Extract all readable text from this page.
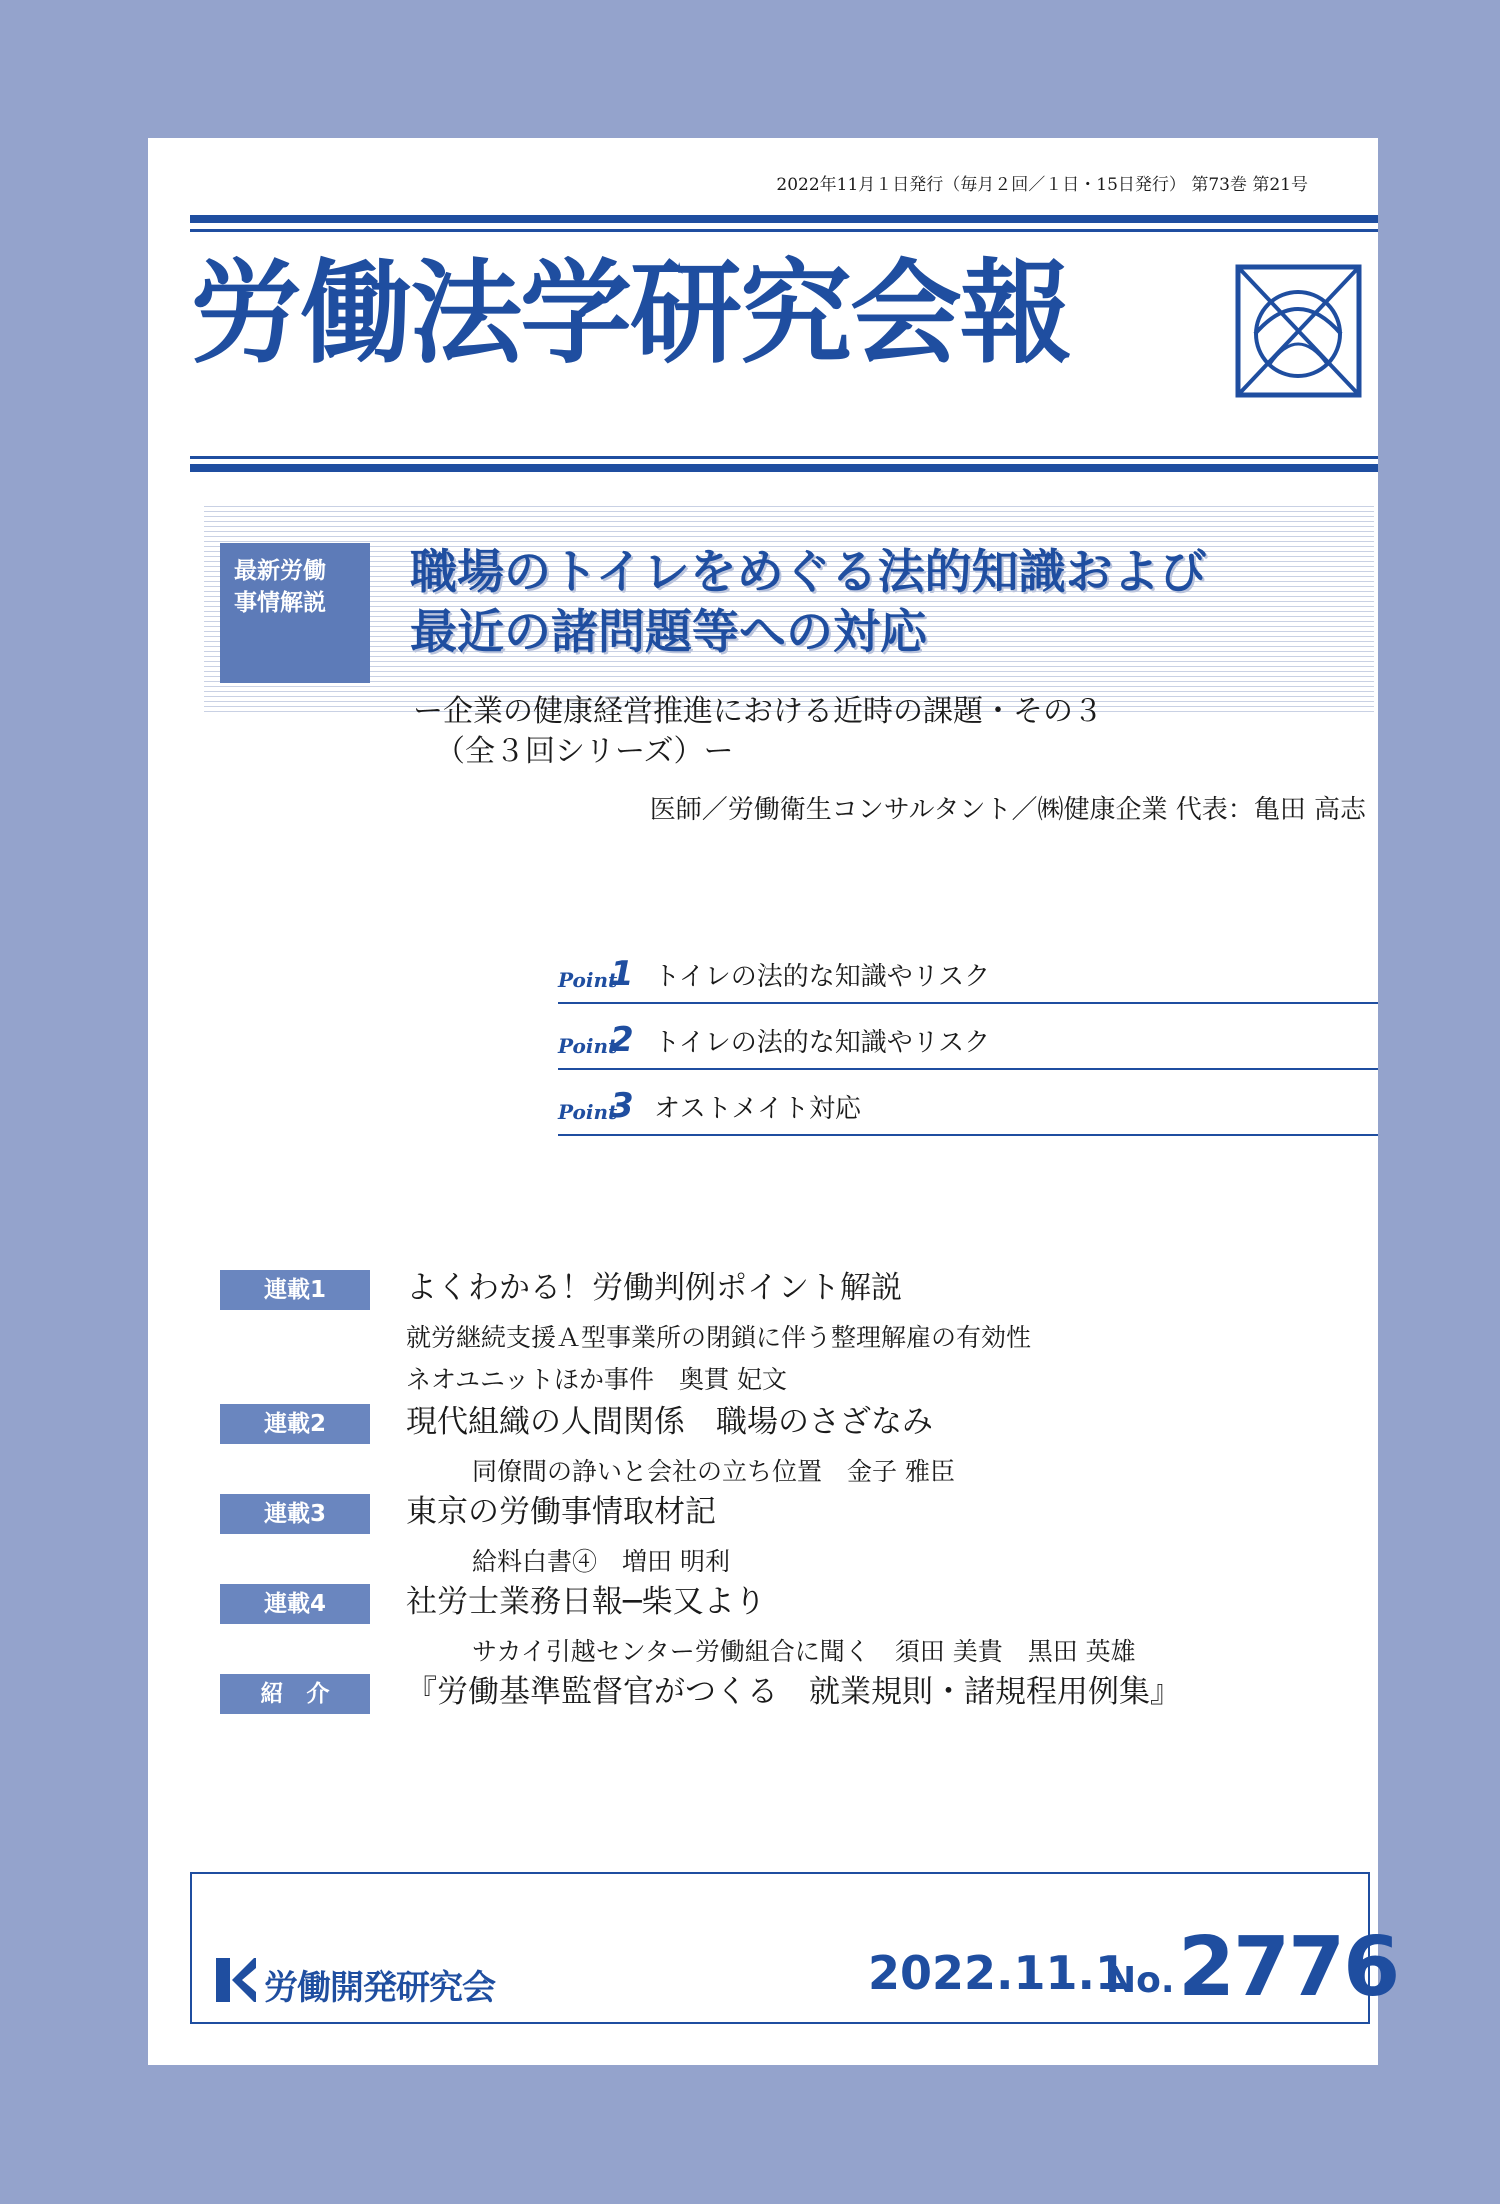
2022年11月１日発行（毎月２回／１日・15日発行） 第73巻 第21号
労働法学研究会報
最新労働
事情解説
職場のトイレをめぐる法的知識および
最近の諸問題等への対応
ー企業の健康経営推進における近時の課題・その３
（全３回シリーズ）ー
医師／労働衛生コンサルタント／㈱健康企業 代表：亀田 高志
Point
1 トイレの法的な知識やリスク
Point
2 トイレの法的な知識やリスク
Point
3 オストメイト対応
連載1	よくわかる！労働判例ポイント解説
就労継続支援Ａ型事業所の閉鎖に伴う整理解雇の有効性
ネオユニットほか事件　奥貫 妃文
連載2	現代組織の人間関係　職場のさざなみ
同僚間の諍いと会社の立ち位置　金子 雅臣
連載3	東京の労働事情取材記
給料白書④　増田 明利
連載4	社労士業務日報─柴又より
サカイ引越センター労働組合に聞く　須田 美貴　黒田 英雄
紹　介	『労働基準監督官がつくる　就業規則・諸規程用例集』
労働開発研究会	2022.11.1
No. 2776
